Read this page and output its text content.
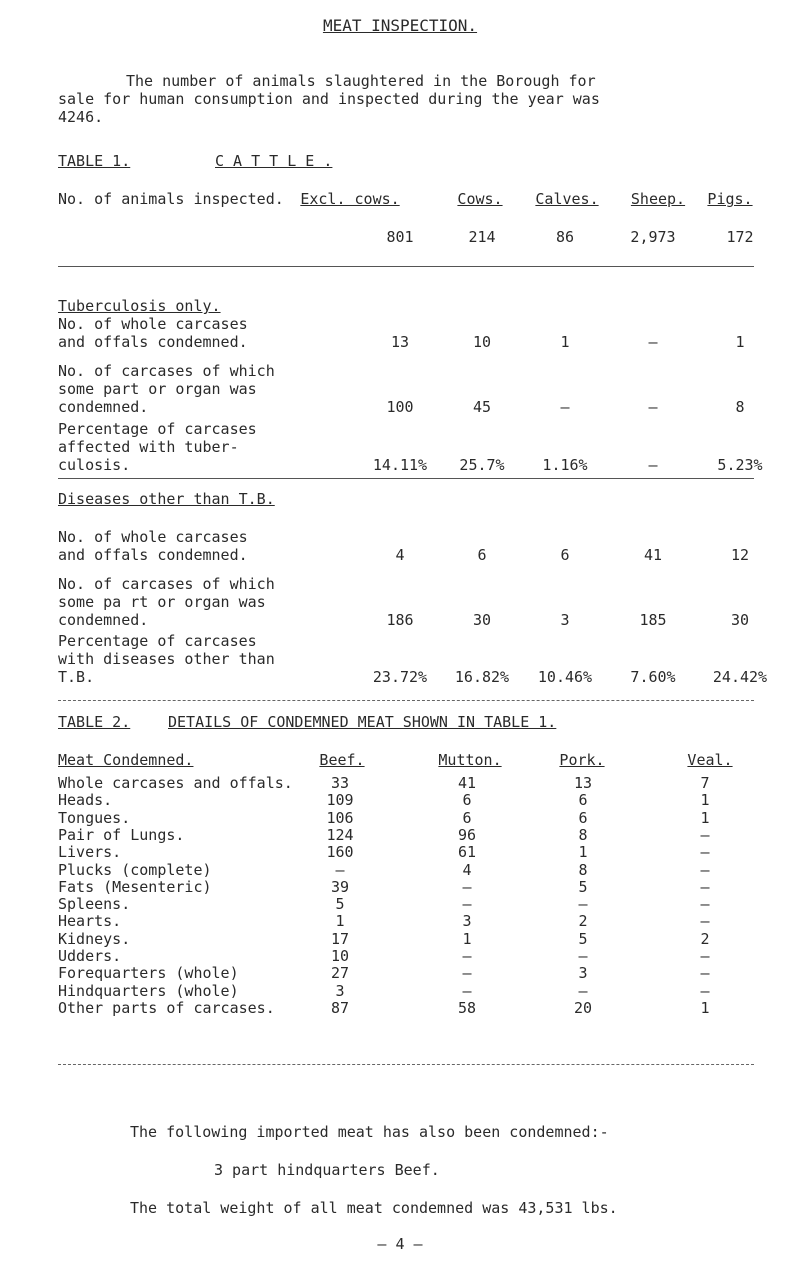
MEAT INSPECTION.
The number of animals slaughtered in the Borough for
sale for human consumption and inspected during the year was
4246.
TABLE 1.	C A T T L E .
No. of animals inspected. Excl. cows.	Cows. Calves. Sheep. Pigs.
801	214	86	2,973	172
Tuberculosis only.
No. of whole carcases
and offals condemned.	13	10	1	–	1
No. of carcases of which
some part or organ was
condemned.	100	45	–	–	8
Percentage of carcases
affected with tuber-
culosis.	14.11% 25.7%	1.16%	–	5.23%
Diseases other than T.B.
No. of whole carcases
and offals condemned.	4	6	6	41	12
No. of carcases of which
some pa rt or organ was
condemned.	186	30	3	185	30
Percentage of carcases
with diseases other than
T.B.	23.72% 16.82% 10.46%	7.60% 24.42%
TABLE 2.	DETAILS OF CONDEMNED MEAT SHOWN IN TABLE 1.
Meat Condemned.	Beef.	Mutton.	Pork.	Veal.
Whole carcases and offals.	33	41	13	7
Heads.	109	6	6	1
Tongues.	106	6	6	1
Pair of Lungs.	124	96	8	–
Livers.	160	61	1	–
Plucks (complete)	–	4	8	–
Fats (Mesenteric)	39	–	5	–
Spleens.	5	–	–	–
Hearts.	1	3	2	–
Kidneys.	17	1	5	2
Udders.	10	–	–	–
Forequarters (whole)	27	–	3	–
Hindquarters (whole)	3	–	–	–
Other parts of carcases.	87	58	20	1
The following imported meat has also been condemned:-
3 part hindquarters Beef.
The total weight of all meat condemned was 43,531 lbs.
– 4 –
